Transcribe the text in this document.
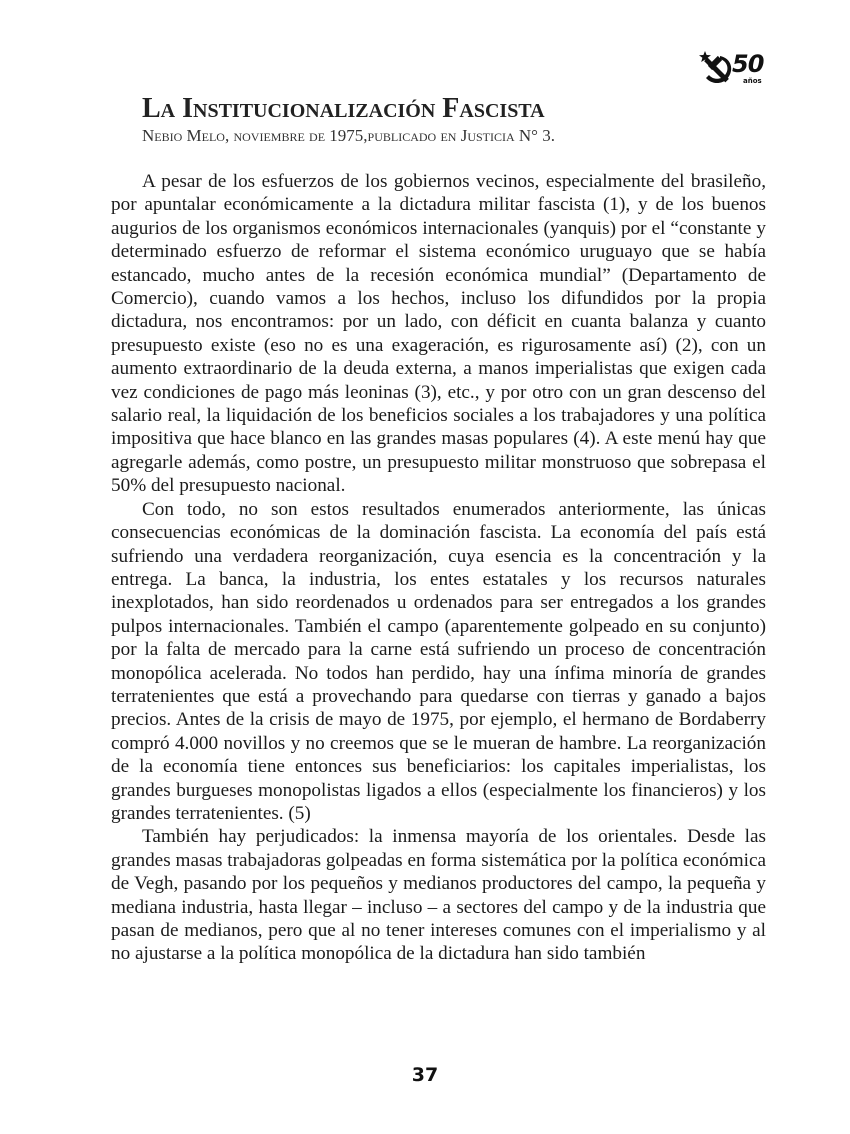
50
años
La Institucionalización Fascista

Nebio Melo, noviembre de 1975,publicado en Justicia N° 3.

A pesar de los esfuerzos de los gobiernos vecinos, especialmente del brasileño, por apuntalar económicamente a la dictadura militar fascista (1), y de los buenos augurios de los organismos económicos internacionales (yanquis) por el “constante y determinado esfuerzo de reformar el sistema económico uruguayo que se había estancado, mucho antes de la recesión económica mundial” (Departamento de Comercio), cuando vamos a los hechos, incluso los difundidos por la propia dictadura, nos encontramos: por un lado, con déficit en cuanta balanza y cuanto presupuesto existe (eso no es una exageración, es rigurosamente así) (2), con un aumento extraordinario de la deuda externa, a manos imperialistas que exigen cada vez condiciones de pago más leoninas (3), etc., y por otro con un gran descenso del salario real, la liquidación de los beneficios sociales a los trabajadores y una política impositiva que hace blanco en las grandes masas populares (4). A este menú hay que agregarle además, como postre, un presupuesto militar monstruoso que sobrepasa el 50% del presupuesto nacional.

Con todo, no son estos resultados enumerados anteriormente, las únicas consecuencias económicas de la dominación fascista. La economía del país está sufriendo una verdadera reorganización, cuya esencia es la concentración y la entrega. La banca, la industria, los entes estatales y los recursos naturales inexplotados, han sido reordenados u ordenados para ser entregados a los grandes pulpos internacionales. También el campo (aparentemente golpeado en su conjunto) por la falta de mercado para la carne está sufriendo un proceso de concentración monopólica acelerada. No todos han perdido, hay una ínfima minoría de grandes terratenientes que está a provechando para quedarse con tierras y ganado a bajos precios. Antes de la crisis de mayo de 1975, por ejemplo, el hermano de Bordaberry compró 4.000 novillos y no creemos que se le mueran de hambre. La reorganización de la economía tiene entonces sus beneficiarios: los capitales imperialistas, los grandes burgueses monopolistas ligados a ellos (especialmente los financieros) y los grandes terratenientes. (5)

También hay perjudicados: la inmensa mayoría de los orientales. Desde las grandes masas trabajadoras golpeadas en forma sistemática por la política económica de Vegh, pasando por los pequeños y medianos productores del campo, la pequeña y mediana industria, hasta llegar – incluso – a sectores del campo y de la industria que pasan de medianos, pero que al no tener intereses comunes con el imperialismo y al no ajustarse a la política monopólica de la dictadura han sido también

37
